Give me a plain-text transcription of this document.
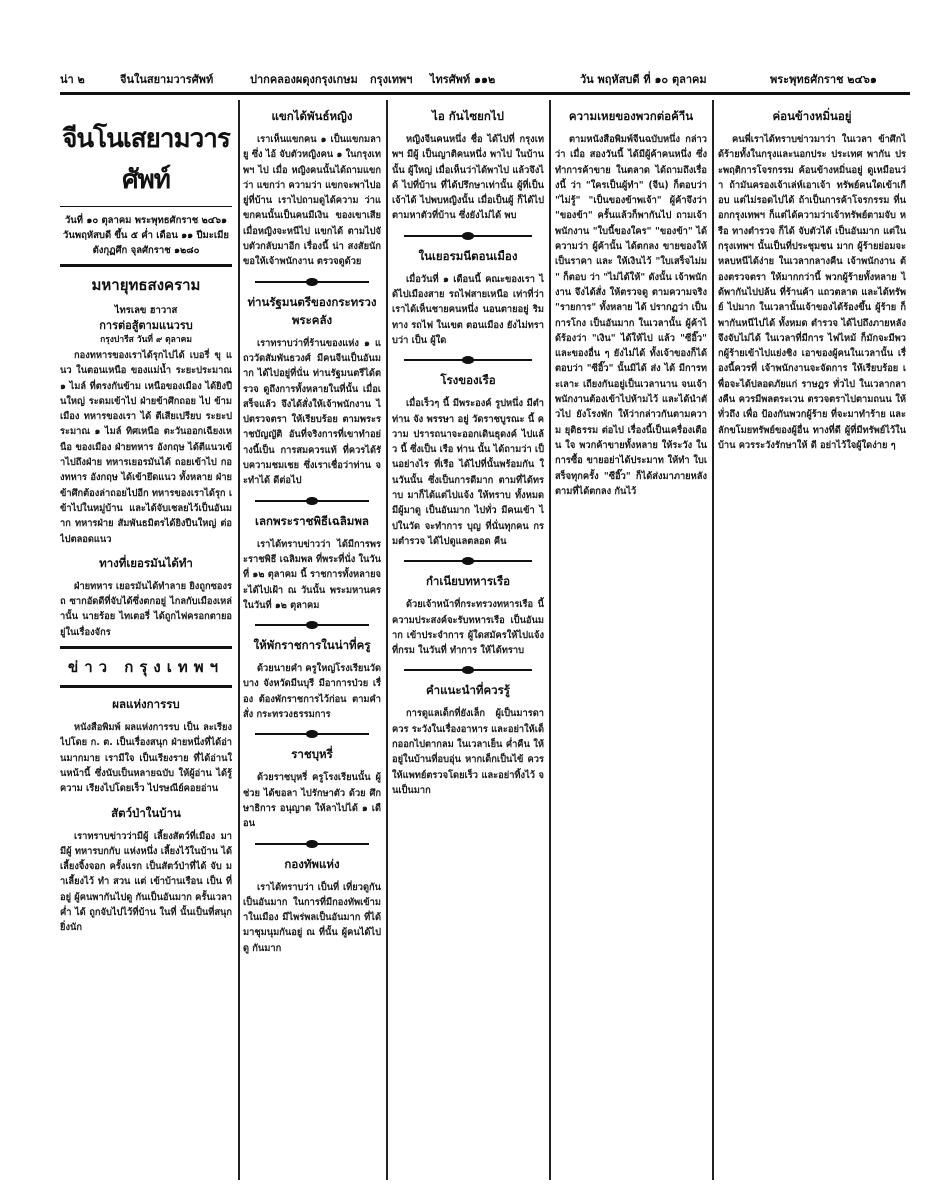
น่า ๒	จีนในสยามวารศัพท์	ปากคลองผดุงกรุงเกษม	กรุงเทพฯ	ไทรศัพท์ ๑๑๒	วัน พฤหัสบดี ที่ ๑๐ ตุลาคม	พระพุทธศักราช ๒๔๖๑
จีนโนเสยามวารศัพท์
วันที่ ๑๐ ตุลาคม พระพุทธศักราช ๒๔๖๑
วันพฤหัสบดี ขึ้น ๕ ค่ำ เดือน ๑๑ ปีมะเมีย
ตังกุฏศึก จุลศักราช ๑๒๘๐
มหายุทธสงคราม
ไทรเลข ฮาวาส
การต่อสู้ตามแนวรบ
กรุงปารีส วันที่ ๙ ตุลาคม

กองทหารของเราได้รุกไปได้ เบอรี่ ขุ แนว ในตอนเหนือ ของแม่น้ำ ระยะประมาณ ๑ ไมล์ ที่ตรงกันข้าม เหนือของเมือง ได้ยิงปืนใหญ่ ระดมเข้าไป ฝ่ายข้าศึกถอย ไป ข้ามเมือง ทหารของเรา ได้ ตีเสียเปรียบ ระยะประมาณ ๑ ไมล์ ทิศเหนือ ตะวันออกเฉียงเหนือ ของเมือง ฝ่ายทหาร อังกฤษ ได้ตีแนวเข้าไปถึงฝ่าย ทหารเยอรมันได้ ถอยเข้าไป กองทหาร อังกฤษ ได้เข้ายึดแนว ทั้งหลาย ฝ่ายข้าศึกต้องล่าถอยไปอีก ทหารของเราได้รุก เข้าไปในหมู่บ้าน และได้จับเชลยไว้เป็นอันมาก ทหารฝ่าย สัมพันธมิตรได้ยิงปืนใหญ่ ต่อไปตลอดแนว

ทางที่เยอรมันได้ทำ

ฝ่ายทหาร เยอรมันได้ทำลาย ยิงถูกซองรถ ซากอัดดีที่จับได้ซึ่งตกอยู่ ไกลกับเมืองเหล่านั้น นายร้อย ไทเตอรี่ ได้ถูกไฟครอกตายอยู่ในเรื่องจักร

ข่าว กรุงเทพฯ
ผลแห่งการรบ

หนังสือพิมพ์ ผลแห่งการรบ เป็น ละเรียงไปโดย ก. ต. เป็นเรื่องสนุก ฝ่ายหนึ่งที่ได้อ่านมากมาย เรามีใจ เป็นเรียงราย ที่ได้อ่านในหน้านี้ ซึ่งนับเป็นหลายฉบับ ให้ผู้อ่าน ได้รู้ความ เรียงไปโดยเร็ว ไปรษณีย์คอยอ่าน

สัตว์ป่าในบ้าน

เราทราบข่าวว่ามีผู้ เลี้ยงสัตว์ที่เมือง มา มีผู้ ทหารบกกับ แห่งหนึ่ง เลี้ยงไว้ในบ้าน ได้ เลี้ยงจิ้งจอก ครั้งแรก เป็นสัตว์ป่าที่ได้ จับ มาเลี้ยงไว้ ทำ สวน แต่ เข้าบ้านเรือน เป็น ที่อยู่ ผู้คนพากันไปดู กันเป็นอันมาก ครั้นเวลาค่ำ ได้ ถูกจับไปไว้ที่บ้าน ในที่ นั้นเป็นที่สนุกยิ่งนัก

แขกได้พันธ์หญิง

เราเห็นแขกคน ๑ เป็นแขกมลายู ซึ่ง ไอ้ จับตัวหญิงคน ๑ ในกรุงเทพฯ ไป เมื่อ หญิงคนนั้นได้ถามแขกว่า แขกว่า ความว่า แขกจะพาไปอยู่ที่บ้าน เราไปถามดูได้ความ ว่าแขกคนนั้นเป็นคนมีเงิน ของเขาเสีย เมื่อหญิงจะหนีไป แขกได้ ตามไปจับตัวกลับมาอีก เรื่องนี้ น่า สงสัยนัก ขอให้เจ้าพนักงาน ตรวจดูด้วย

ท่านรัฐมนตรีของกระทรวงพระคลัง

เราทราบว่าที่ร้านของแห่ง ๑ แถววัดสัมพันธวงศ์ มีคนจีนเป็นอันมาก ได้ไปอยู่ที่นั่น ท่านรัฐมนตรีได้ตรวจ ดูถึงการทั้งหลายในที่นั้น เมื่อเสร็จแล้ว จึงได้สั่งให้เจ้าพนักงาน ไปตรวจตรา ให้เรียบร้อย ตามพระราชบัญญัติ อันที่จริงการที่เขาทำอย่างนี้เป็น การสมควรแท้ ที่ควรได้รับความชมเชย ซึ่งเราเชื่อว่าท่าน จะทำได้ ดีต่อไป

เลกพระราชพิธีเฉลิมพล

เราได้ทราบข่าวว่า ได้มีการพระราชพิธี เฉลิมพล ที่พระที่นั่ง ในวันที่ ๑๒ ตุลาคม นี้ ราชการทั้งหลายจะได้ไปเฝ้า ณ วันนั้น พระมหานคร ในวันที่ ๑๒ ตุลาคม

ให้พักราชการในน่าที่ครู

ด้วยนายคำ ครูใหญ่โรงเรียนวัดบาง จังหวัดมีนบุรี มีอาการป่วย เรื่อง ต้องพักราชการไว้ก่อน ตามคำสั่ง กระทรวงธรรมการ

ราชบุหรี่

ด้วยราชบุหรี่ ครูโรงเรียนนั้น ผู้ช่วย ได้ขอลา ไปรักษาตัว ด้วย ศึกษาธิการ อนุญาต ให้ลาไปได้ ๑ เดือน

กองทัพแห่ง

เราได้ทราบว่า เป็นที่ เที่ยวดูกันเป็นอันมาก ในการที่มีกองทัพเข้ามาในเมือง มีไพร่พลเป็นอันมาก ที่ได้มาชุมนุมกันอยู่ ณ ที่นั้น ผู้คนได้ไปดู กันมาก

ไอ กันไซยกไป

หญิงจีนคนหนึ่ง ชื่อ ได้ไปที่ กรุงเทพฯ มีผู้ เป็นญาติคนหนึ่ง พาไป ในบ้านนั้น ผู้ใหญ่ เมื่อเห็นว่าได้พาไป แล้วจึงได้ ไปที่บ้าน ที่ได้ปรึกษาเท่านั้น ผู้ที่เป็นเจ้าได้ ไปพบหญิงนั้น เมื่อเป็นผู้ ก็ได้ไปตามหาตัวที่บ้าน ซึ่งยังไม่ได้ พบ

ในเยอรมนีตอนเมือง

เมื่อวันที่ ๑ เดือนนี้ คณะของเรา ได้ไปเมืองสาย รถไฟสายเหนือ เท่าที่ว่า เราได้เห็นชายคนหนึ่ง นอนตายอยู่ ริมทาง รถไฟ ในเขต ตอนเมือง ยังไม่ทราบว่า เป็น ผู้ใด

โรงของเรือ

เมื่อเร็วๆ นี้ มีพระองค์ รูปหนึ่ง มีตำ ท่าน จัง พรรษา อยู่ วัดราชบูรณะ นี้ ความ ปรารถนาจะออกเดินธุดงค์ ไปแล้ว นี้ ซึ่งเป็น เรือ ท่าน นั้น ได้ถามว่า เป็นอย่างไร ที่เรือ ได้ไปที่นั้นพร้อมกัน ในวันนั้น ซึ่งเป็นการดีมาก ตามที่ได้ทราบ มาก็ได้แต่ไปแจ้ง ให้ทราบ ทั้งหมด มีผู้มาดู เป็นอันมาก ไปทั่ว มีคนเข้า ไปในวัด จะทำการ บุญ ที่นั่นทุกคน กรมตำรวจ ได้ไปดูแลตลอด คืน

กำเนียบทหารเรือ

ด้วยเจ้าหน้าที่กระทรวงทหารเรือ นี้ ความประสงค์จะรับทหารเรือ เป็นอันมาก เข้าประจำการ ผู้ใดสมัครให้ไปแจ้งที่กรม ในวันที่ ทำการ ให้ได้ทราบ

คำแนะนำที่ควรรู้

การดูแลเด็กที่ยังเล็ก ผู้เป็นมารดา ควร ระวังในเรื่องอาหาร และอย่าให้เด็กออกไปตากลม ในเวลาเย็น ค่ำคืน ให้อยู่ในบ้านที่อบอุ่น หากเด็กเป็นไข้ ควร ให้แพทย์ตรวจโดยเร็ว และอย่าทิ้งไว้ จนเป็นมาก

ความเหยของพวกต่อค้าีน

ตามหนังสือพิมพ์จีนฉบับหนึ่ง กล่าวว่า เมื่อ สองวันนี้ ได้มีผู้ค้าคนหนึ่ง ซึ่ง ทำการค้าขาย ในตลาด ได้ถามถึงเรื่องนี้ ว่า "ใครเป็นผู้ทำ" (จีน) ก็ตอบว่า "ไม่รู้" "เป็นของข้าพเจ้า" ผู้ค้าจึงว่า "ของข้า" ครั้นแล้วก็พากันไป ถามเจ้าพนักงาน "ใบนี้ของใคร" "ของข้า" ได้ความว่า ผู้ค้านั้น ได้ตกลง ขายของให้ เป็นราคา และ ให้เงินไว้ "ใบเสร็จไม่มี" ก็ตอบ ว่า "ไม่ได้ให้" ดังนั้น เจ้าพนักงาน จึงได้สั่ง ให้ตรวจดู ตามความจริง "รายการ" ทั้งหลาย ได้ ปรากฏว่า เป็นการโกง เป็นอันมาก ในเวลานั้น ผู้ค้าได้ร้องว่า "เงิน" ได้ให้ไป แล้ว "ซีอิ๊ว" และของอื่น ๆ ยังไม่ได้ ทั้งเจ้าของก็ได้ตอบว่า "ซีอิ๊ว" นั้นมิได้ ส่ง ได้ มีการทะเลาะ เถียงกันอยู่เป็นเวลานาน จนเจ้าพนักงานต้องเข้าไปห้ามไว้ และได้นำตัวไป ยังโรงพัก ให้ว่ากล่าวกันตามความ ยุติธรรม ต่อไป เรื่องนี้เป็นเครื่องเตือน ใจ พวกค้าขายทั้งหลาย ให้ระวัง ในการซื้อ ขายอย่าได้ประมาท ให้ทำ ใบเสร็จทุกครั้ง "ซีอิ๊ว" ก็ได้ส่งมาภายหลัง ตามที่ได้ตกลง กันไว้

ค่อนข้างหมิ่นอยู่

คนพี่เราได้ทราบข่าวมาว่า ในเวลา ข้าศึกได้ร้ายทั้งในกรุงและนอกประ ประเทศ พากัน ประพฤติการโจรกรรม ค้อนข้างหมิ่นอยู่ ดูเหมือนว่า ถ้ามันครองเจ้าเล่ห์เอาเจ้า ทรัพย์คนใดเข้าเกือบ แต่ไม่รอดไปได้ ถ้าเป็นการค้าโจรกรรม ที่นอกกรุงเทพฯ ก็แต่ได้ความว่าเจ้าทรัพย์ตามจับ หรือ ทางตำรวจ ก็ได้ จับตัวได้ เป็นอันมาก แต่ในกรุงเทพฯ นั้นเป็นที่ประชุมชน มาก ผู้ร้ายย่อมจะหลบหนีได้ง่าย ในเวลากลางคืน เจ้าพนักงาน ต้องตรวจตรา ให้มากกว่านี้ พวกผู้ร้ายทั้งหลาย ได้พากันไปปล้น ที่ร้านค้า แถวตลาด และได้ทรัพย์ ไปมาก ในเวลานั้นเจ้าของได้ร้องขึ้น ผู้ร้าย ก็พากันหนีไปได้ ทั้งหมด ตำรวจ ได้ไปถึงภายหลัง จึงจับไม่ได้ ในเวลาที่มีการ ไฟไหม้ ก็มักจะมีพวกผู้ร้ายเข้าไปแย่งชิง เอาของผู้คนในเวลานั้น เรื่องนี้ควรที่ เจ้าพนักงานจะจัดการ ให้เรียบร้อย เพื่อจะได้ปลอดภัยแก่ ราษฎร ทั่วไป ในเวลากลางคืน ควรมีพลตระเวน ตรวจตราไปตามถนน ให้ทั่วถึง เพื่อ ป้องกันพวกผู้ร้าย ที่จะมาทำร้าย และ ลักขโมยทรัพย์ของผู้อื่น ทางที่ดี ผู้ที่มีทรัพย์ไว้ในบ้าน ควรระวังรักษาให้ ดี อย่าไว้ใจผู้ใดง่าย ๆ
